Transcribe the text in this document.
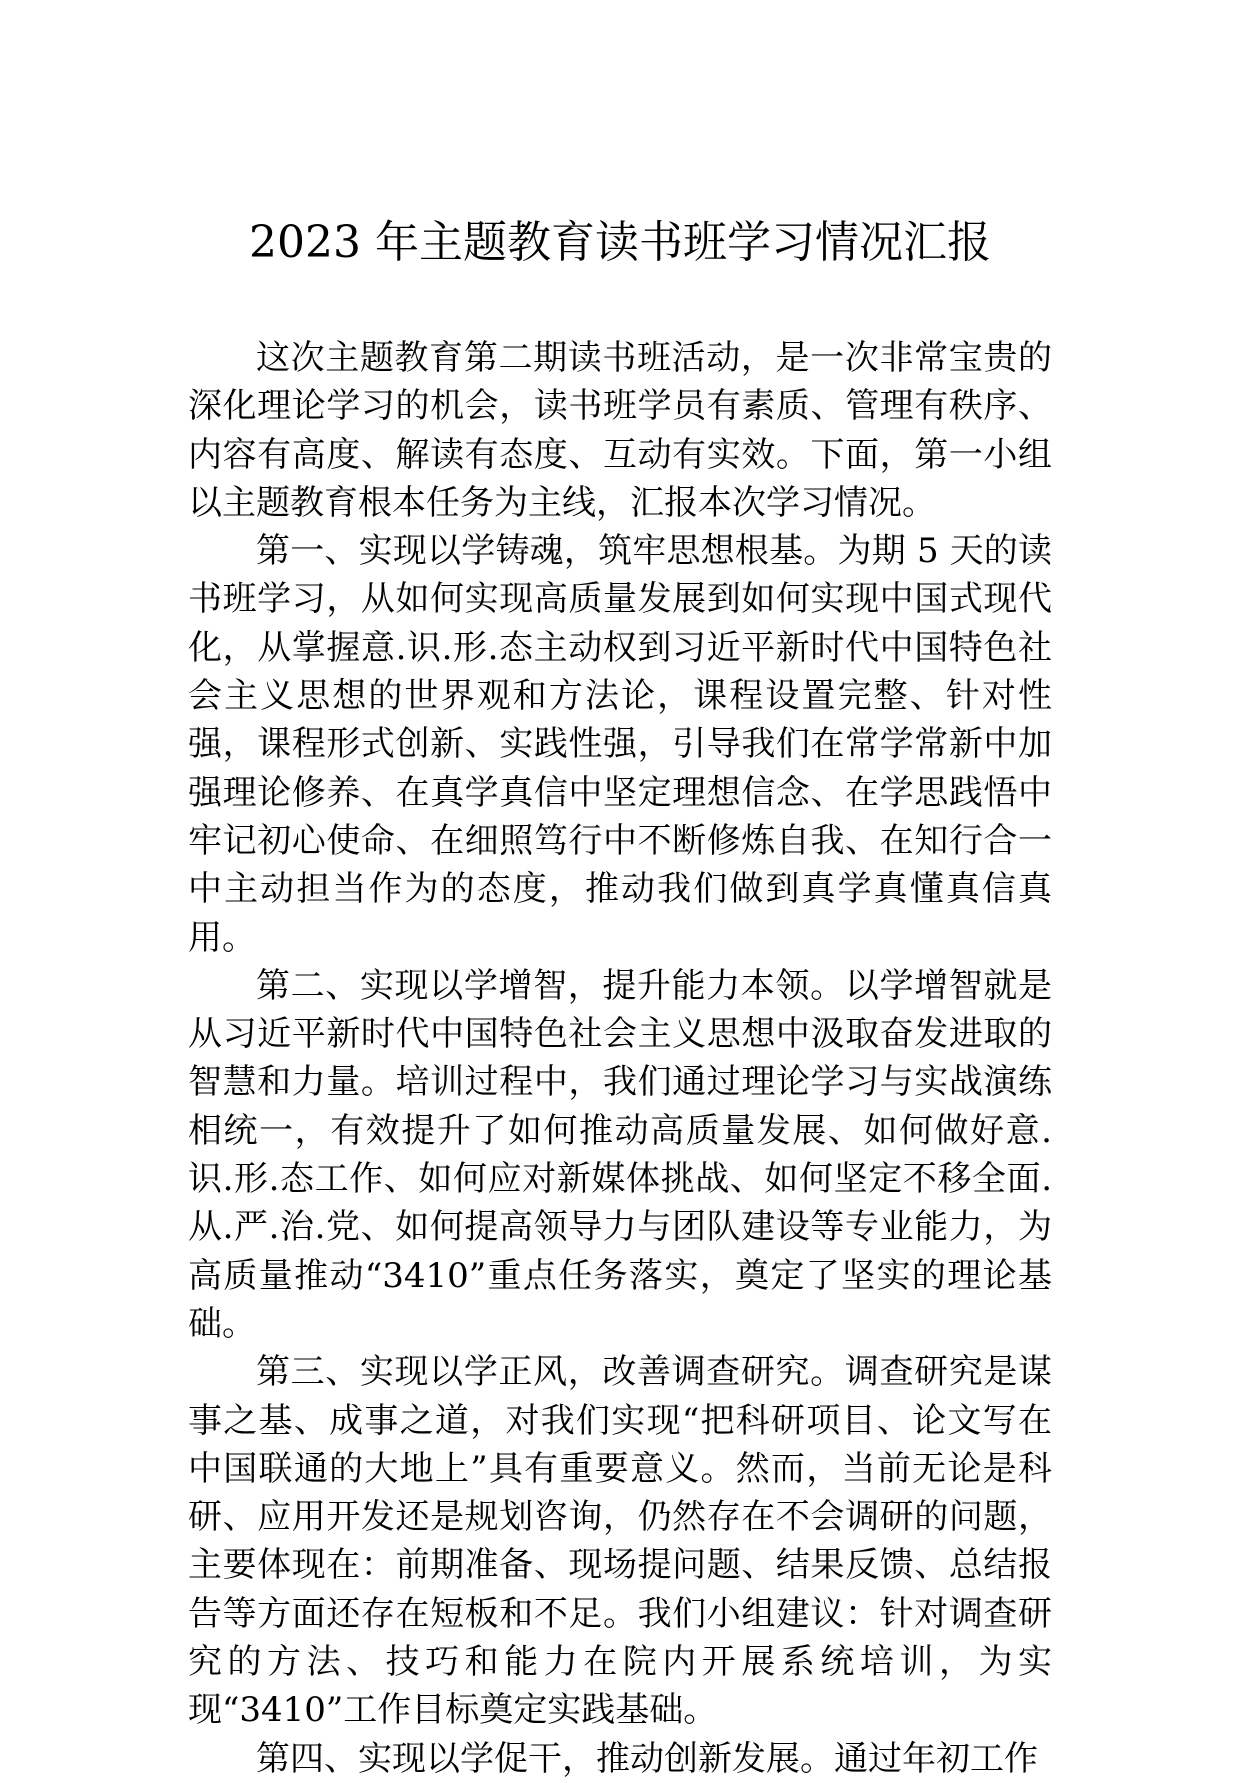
2023 年主题教育读书班学习情况汇报

这次主题教育第二期读书班活动，是一次非常宝贵的深化理论学习的机会，读书班学员有素质、管理有秩序、内容有高度、解读有态度、互动有实效。下面，第一小组以主题教育根本任务为主线，汇报本次学习情况。

第一、实现以学铸魂，筑牢思想根基。为期 5 天的读书班学习，从如何实现高质量发展到如何实现中国式现代化，从掌握意.识.形.态主动权到习近平新时代中国特色社会主义思想的世界观和方法论，课程设置完整、针对性强，课程形式创新、实践性强，引导我们在常学常新中加强理论修养、在真学真信中坚定理想信念、在学思践悟中牢记初心使命、在细照笃行中不断修炼自我、在知行合一中主动担当作为的态度，推动我们做到真学真懂真信真用。

第二、实现以学增智，提升能力本领。以学增智就是从习近平新时代中国特色社会主义思想中汲取奋发进取的智慧和力量。培训过程中，我们通过理论学习与实战演练相统一，有效提升了如何推动高质量发展、如何做好意.识.形.态工作、如何应对新媒体挑战、如何坚定不移全面.从.严.治.党、如何提高领导力与团队建设等专业能力，为高质量推动“3410”重点任务落实，奠定了坚实的理论基础。

第三、实现以学正风，改善调查研究。调查研究是谋事之基、成事之道，对我们实现“把科研项目、论文写在中国联通的大地上”具有重要意义。然而，当前无论是科研、应用开发还是规划咨询，仍然存在不会调研的问题，主要体现在：前期准备、现场提问题、结果反馈、总结报告等方面还存在短板和不足。我们小组建议：针对调查研究的方法、技巧和能力在院内开展系统培训，为实现“3410”工作目标奠定实践基础。

第四、实现以学促干，推动创新发展。通过年初工作
